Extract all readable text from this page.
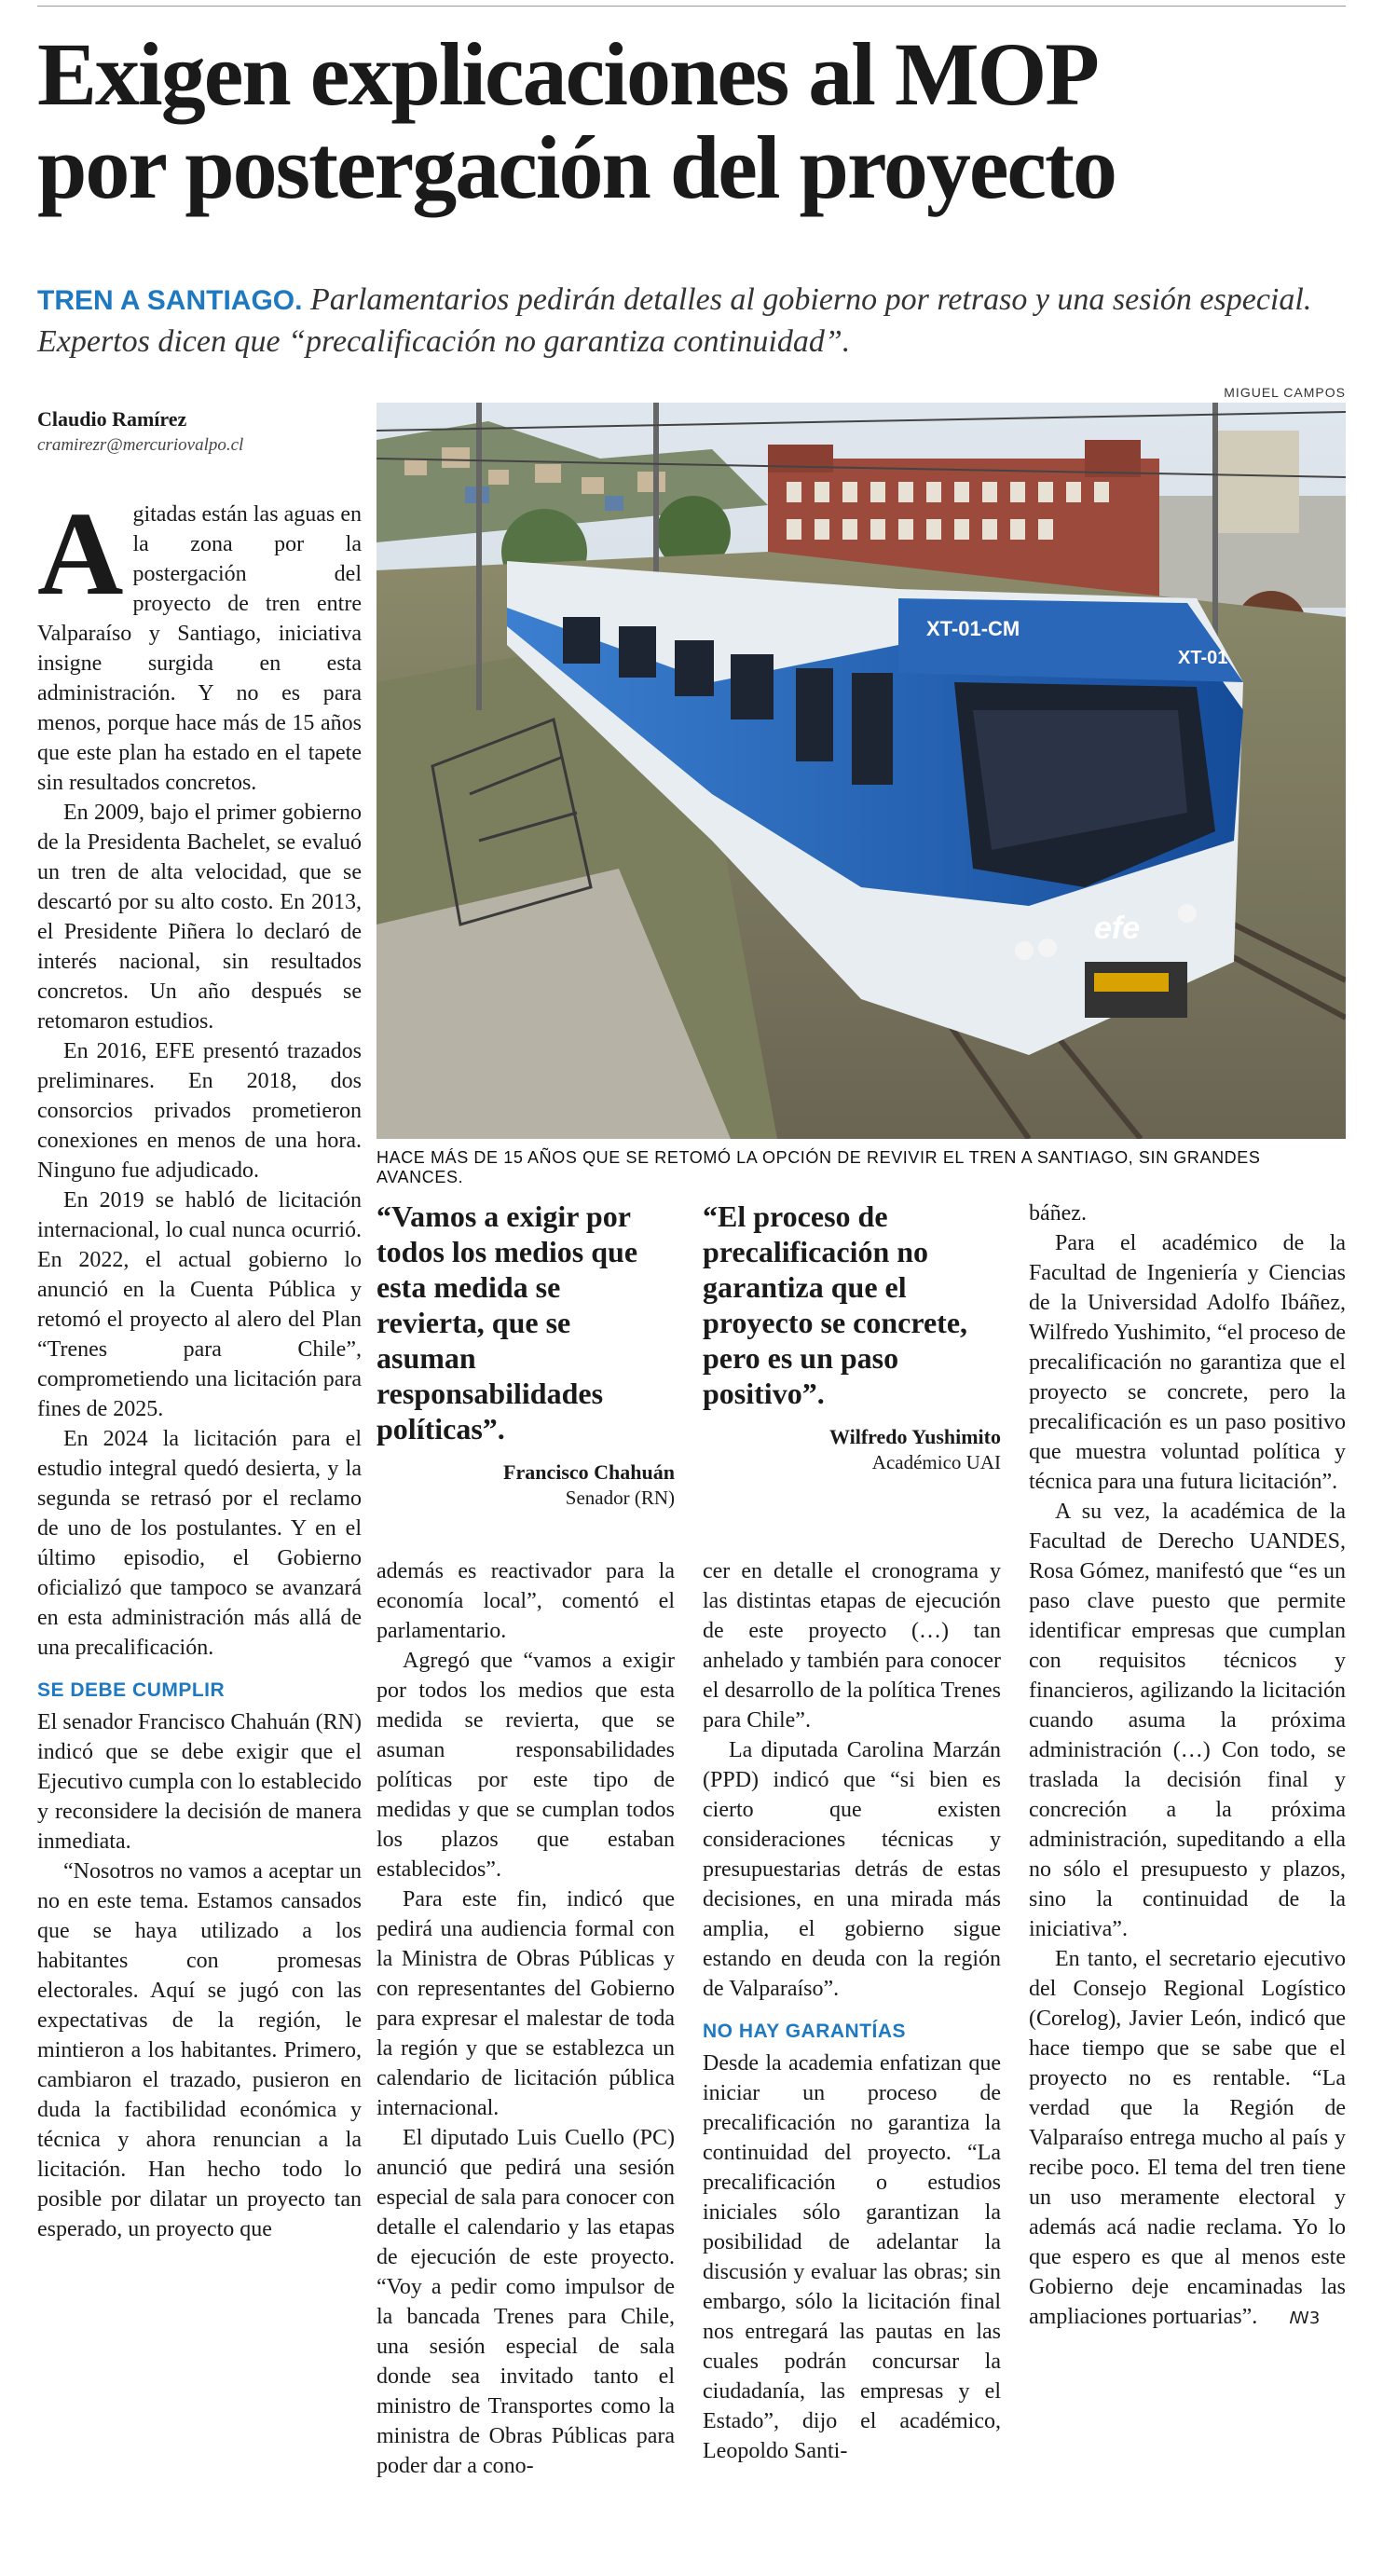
Exigen explicaciones al MOP
por postergación del proyecto
TREN A SANTIAGO. Parlamentarios pedirán detalles al gobierno por retraso y una sesión especial. Expertos dicen que “precalificación no garantiza continuidad”.
Claudio Ramírez
cramirezr@mercuriovalpo.cl
MIGUEL CAMPOS
XT-01
XT-01-CM
efe
HACE MÁS DE 15 AÑOS QUE SE RETOMÓ LA OPCIÓN DE REVIVIR EL TREN A SANTIAGO, SIN GRANDES AVANCES.

Agitadas están las aguas en la zona por la postergación del proyecto de tren entre Valparaíso y Santiago, iniciativa insigne surgida en esta administración. Y no es para menos, porque hace más de 15 años que este plan ha estado en el tapete sin resultados concretos.

En 2009, bajo el primer gobierno de la Presidenta Bachelet, se evaluó un tren de alta velocidad, que se descartó por su alto costo. En 2013, el Presidente Piñera lo declaró de interés nacional, sin resultados concretos. Un año después se retomaron estudios.

En 2016, EFE presentó trazados preliminares. En 2018, dos consorcios privados prometieron conexiones en menos de una hora. Ninguno fue adjudicado.

En 2019 se habló de licitación internacional, lo cual nunca ocurrió. En 2022, el actual gobierno lo anunció en la Cuenta Pública y retomó el proyecto al alero del Plan “Trenes para Chile”, comprometiendo una licitación para fines de 2025.

En 2024 la licitación para el estudio integral quedó desierta, y la segunda se retrasó por el reclamo de uno de los postulantes. Y en el último episodio, el Gobierno oficializó que tampoco se avanzará en esta administración más allá de una precalificación.

SE DEBE CUMPLIR

El senador Francisco Chahuán (RN) indicó que se debe exigir que el Ejecutivo cumpla con lo establecido y reconsidere la decisión de manera inmediata.

“Nosotros no vamos a aceptar un no en este tema. Estamos cansados que se haya utilizado a los habitantes con promesas electorales. Aquí se jugó con las expectativas de la región, le mintieron a los habitantes. Primero, cambiaron el trazado, pusieron en duda la factibilidad económica y técnica y ahora renuncian a la licitación. Han hecho todo lo posible por dilatar un proyecto tan esperado, un proyecto que

“Vamos a exigir por todos los medios que esta medida se revierta, que se asuman responsabilidades políticas”.

Francisco Chahuán
Senador (RN)

“El proceso de precalificación no garantiza que el proyecto se concrete, pero es un paso positivo”.

Wilfredo Yushimito
Académico UAI

además es reactivador para la economía local”, comentó el parlamentario.

Agregó que “vamos a exigir por todos los medios que esta medida se revierta, que se asuman responsabilidades políticas por este tipo de medidas y que se cumplan todos los plazos que estaban establecidos”.

Para este fin, indicó que pedirá una audiencia formal con la Ministra de Obras Públicas y con representantes del Gobierno para expresar el malestar de toda la región y que se establezca un calendario de licitación pública internacional.

El diputado Luis Cuello (PC) anunció que pedirá una sesión especial de sala para conocer con detalle el calendario y las etapas de ejecución de este proyecto. “Voy a pedir como impulsor de la bancada Trenes para Chile, una sesión especial de sala donde sea invitado tanto el ministro de Transportes como la ministra de Obras Públicas para poder dar a cono-

cer en detalle el cronograma y las distintas etapas de ejecución de este proyecto (…) tan anhelado y también para conocer el desarrollo de la política Trenes para Chile”.

La diputada Carolina Marzán (PPD) indicó que “si bien es cierto que existen consideraciones técnicas y presupuestarias detrás de estas decisiones, en una mirada más amplia, el gobierno sigue estando en deuda con la región de Valparaíso”.

NO HAY GARANTÍAS

Desde la academia enfatizan que iniciar un proceso de precalificación no garantiza la continuidad del proyecto. “La precalificación o estudios iniciales sólo garantizan la posibilidad de adelantar la discusión y evaluar las obras; sin embargo, sólo la licitación final nos entregará las pautas en las cuales podrán concursar la ciudadanía, las empresas y el Estado”, dijo el académico, Leopoldo Santi-

báñez.

Para el académico de la Facultad de Ingeniería y Ciencias de la Universidad Adolfo Ibáñez, Wilfredo Yushimito, “el proceso de precalificación no garantiza que el proyecto se concrete, pero la precalificación es un paso positivo que muestra voluntad política y técnica para una futura licitación”.

A su vez, la académica de la Facultad de Derecho UANDES, Rosa Gómez, manifestó que “es un paso clave puesto que permite identificar empresas que cumplan con requisitos técnicos y financieros, agilizando la licitación cuando asuma la próxima administración (…) Con todo, se traslada la decisión final y concreción a la próxima administración, supeditando a ella no sólo el presupuesto y plazos, sino la continuidad de la iniciativa”.

En tanto, el secretario ejecutivo del Consejo Regional Logístico (Corelog), Javier León, indicó que hace tiempo que se sabe que el proyecto no es rentable. “La verdad que la Región de Valparaíso entrega mucho al país y recibe poco. El tema del tren tiene un uso meramente electoral y además acá nadie reclama. Yo lo que espero es que al menos este Gobierno deje encaminadas las ampliaciones portuarias”. ꟿ3
